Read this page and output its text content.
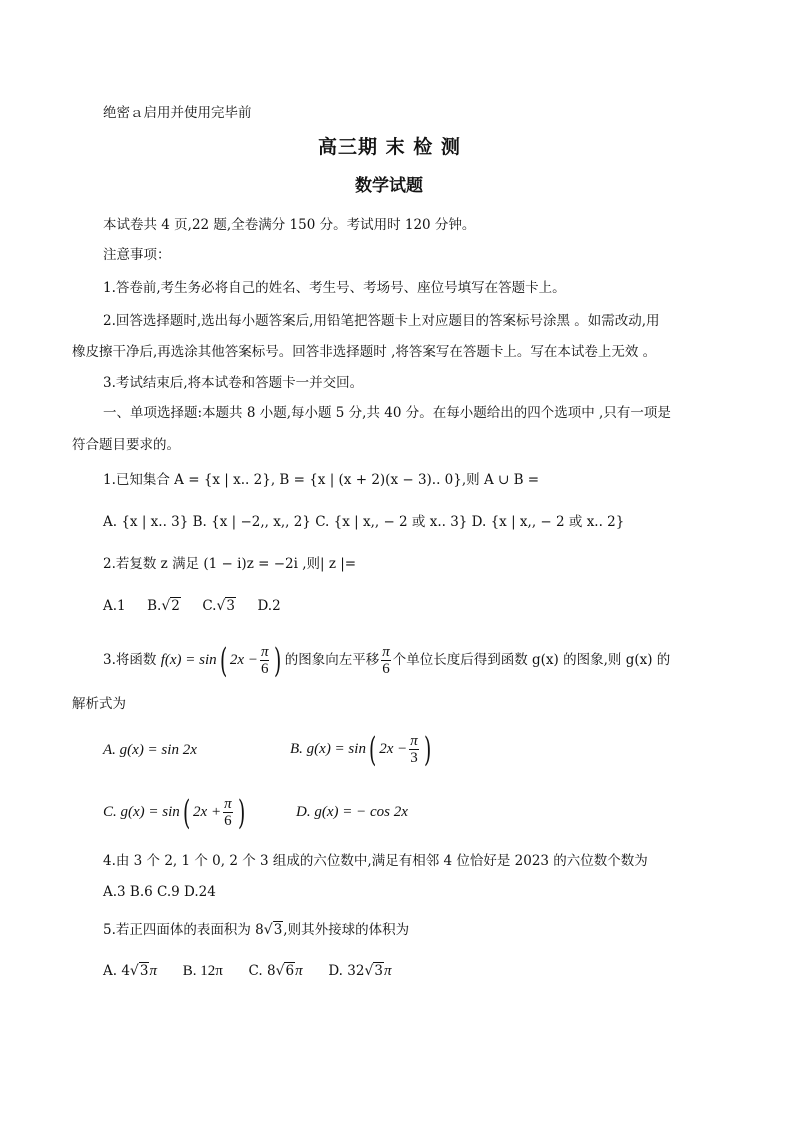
绝密ａ启用并使用完毕前
高三期 末 检 测
数学试题
本试卷共 4 页,22 题,全卷满分 150 分。考试用时 120 分钟。
注意事项：
1.答卷前,考生务必将自己的姓名、考生号、考场号、座位号填写在答题卡上。
2.回答选择题时,选出每小题答案后,用铅笔把答题卡上对应题目的答案标号涂黑 。如需改动,用
橡皮擦干净后,再选涂其他答案标号。回答非选择题时 ,将答案写在答题卡上。写在本试卷上无效 。
3.考试结束后,将本试卷和答题卡一并交回。
一、单项选择题:本题共 8 小题,每小题 5 分,共 40 分。在每小题给出的四个选项中 ,只有一项是
符合题目要求的。
1.已知集合 A = {x | x.. 2}, B = {x | (x + 2)(x − 3).. 0},则 A ∪ B =
A. {x | x.. 3} B. {x | −2,, x,, 2} C. {x | x,, − 2 或 x.. 3} D. {x | x,, − 2 或 x.. 2}
2.若复数 z 满足 (1 − i)z = −2i ,则| z |=
A.1 B.√2 C.√3 D.2
3.将函数 f(x) = sin( $2x - \frac{\pi}{6}$ ) 的图象向左平移 $\frac{\pi}{6}$ 个单位长度后得到函数 g(x) 的图象,则 g(x) 的
解析式为
A. g(x) = sin 2x	B. g(x) = sin( $2x - \frac{\pi}{3}$ )
C. g(x) = sin( $2x + \frac{\pi}{6}$ )	D. g(x) = − cos 2x
4.由 3 个 2, 1 个 0, 2 个 3 组成的六位数中,满足有相邻 4 位恰好是 2023 的六位数个数为
A.3 B.6 C.9 D.24
5.若正四面体的表面积为 8√3,则其外接球的体积为
A. 4√3π B. 12π C. 8√6π D. 32√3π
